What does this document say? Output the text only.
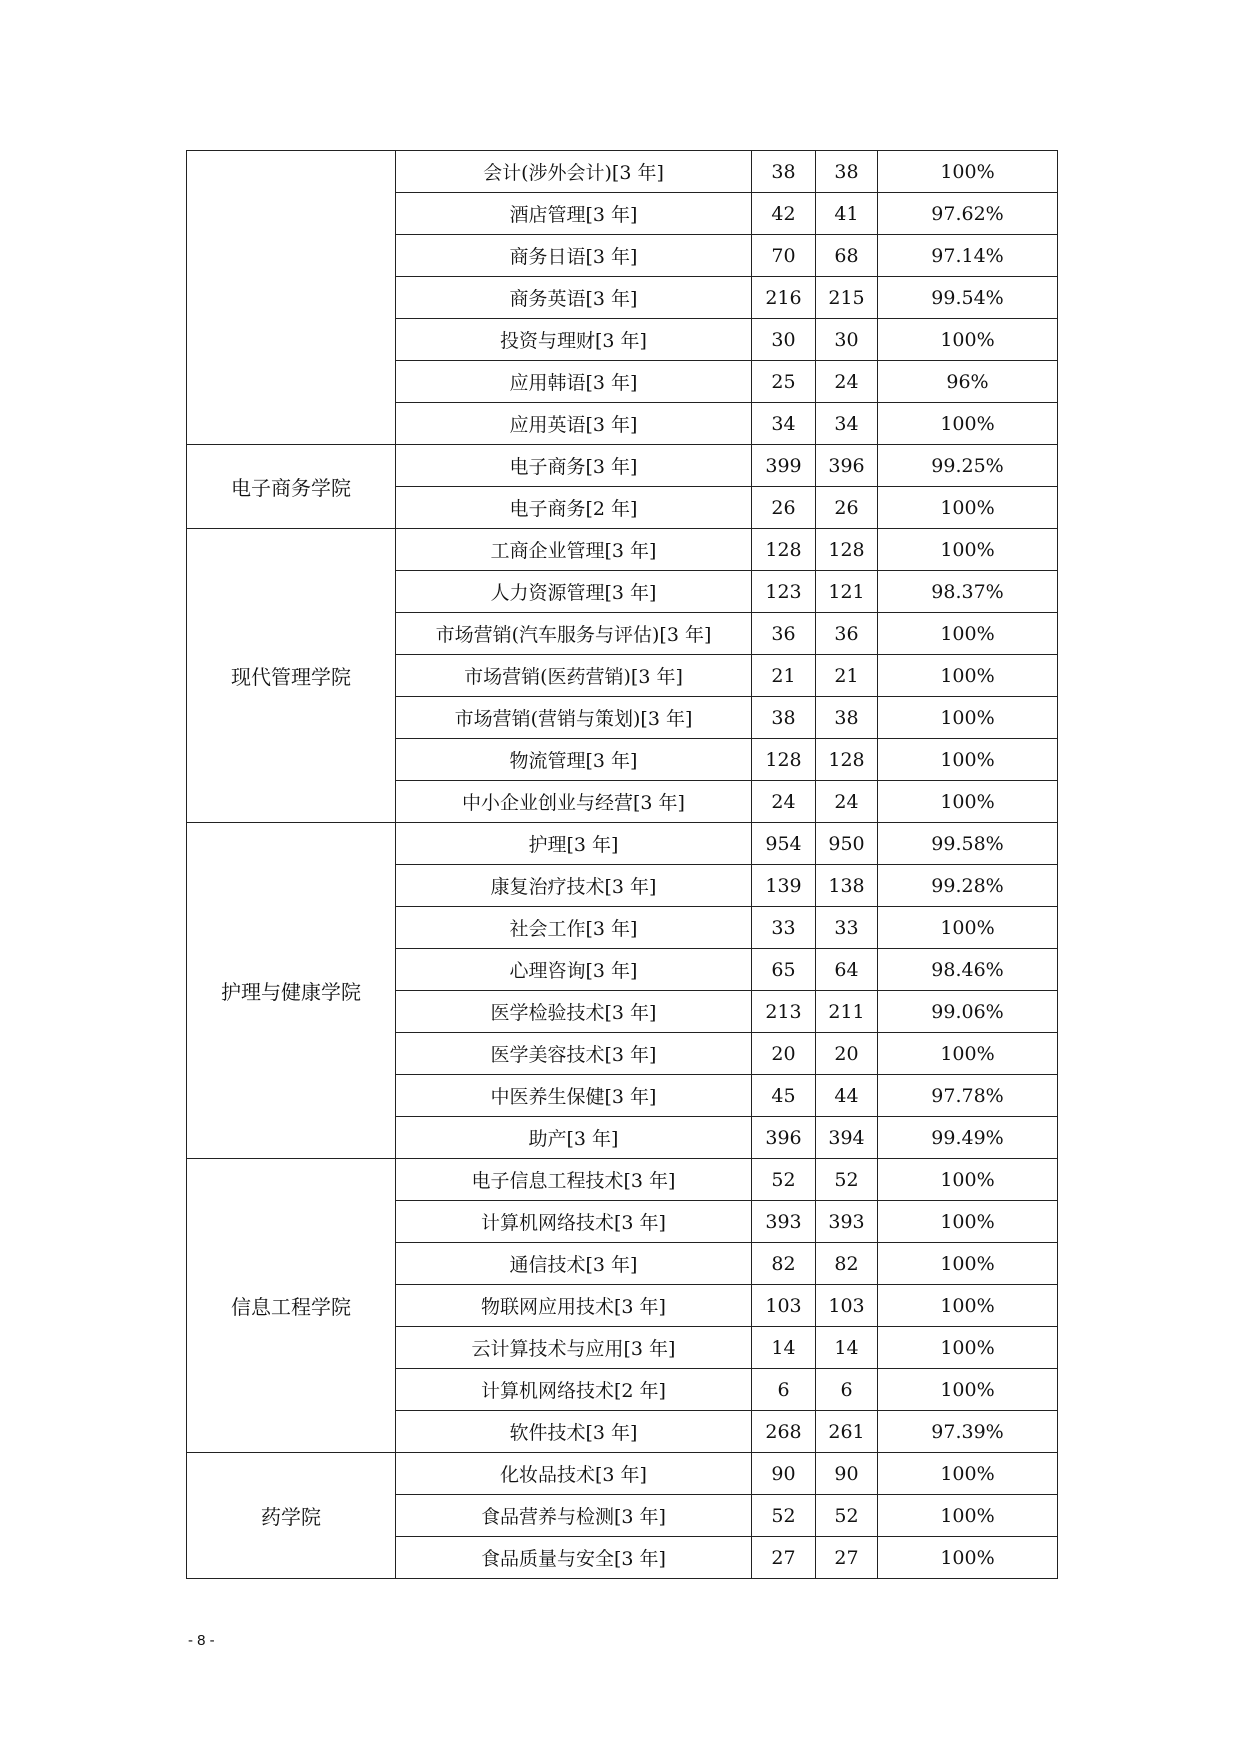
	会计(涉外会计)[3 年]	38	38	100%
	酒店管理[3 年]	42	41	97.62%
	商务日语[3 年]	70	68	97.14%
	商务英语[3 年]	216	215	99.54%
	投资与理财[3 年]	30	30	100%
	应用韩语[3 年]	25	24	96%
	应用英语[3 年]	34	34	100%
电子商务学院	电子商务[3 年]	399	396	99.25%
	电子商务[2 年]	26	26	100%
现代管理学院	工商企业管理[3 年]	128	128	100%
	人力资源管理[3 年]	123	121	98.37%
	市场营销(汽车服务与评估)[3 年]	36	36	100%
	市场营销(医药营销)[3 年]	21	21	100%
	市场营销(营销与策划)[3 年]	38	38	100%
	物流管理[3 年]	128	128	100%
	中小企业创业与经营[3 年]	24	24	100%
护理与健康学院	护理[3 年]	954	950	99.58%
	康复治疗技术[3 年]	139	138	99.28%
	社会工作[3 年]	33	33	100%
	心理咨询[3 年]	65	64	98.46%
	医学检验技术[3 年]	213	211	99.06%
	医学美容技术[3 年]	20	20	100%
	中医养生保健[3 年]	45	44	97.78%
	助产[3 年]	396	394	99.49%
信息工程学院	电子信息工程技术[3 年]	52	52	100%
	计算机网络技术[3 年]	393	393	100%
	通信技术[3 年]	82	82	100%
	物联网应用技术[3 年]	103	103	100%
	云计算技术与应用[3 年]	14	14	100%
	计算机网络技术[2 年]	6	6	100%
	软件技术[3 年]	268	261	97.39%
药学院	化妆品技术[3 年]	90	90	100%
	食品营养与检测[3 年]	52	52	100%
	食品质量与安全[3 年]	27	27	100%
- 8 -
